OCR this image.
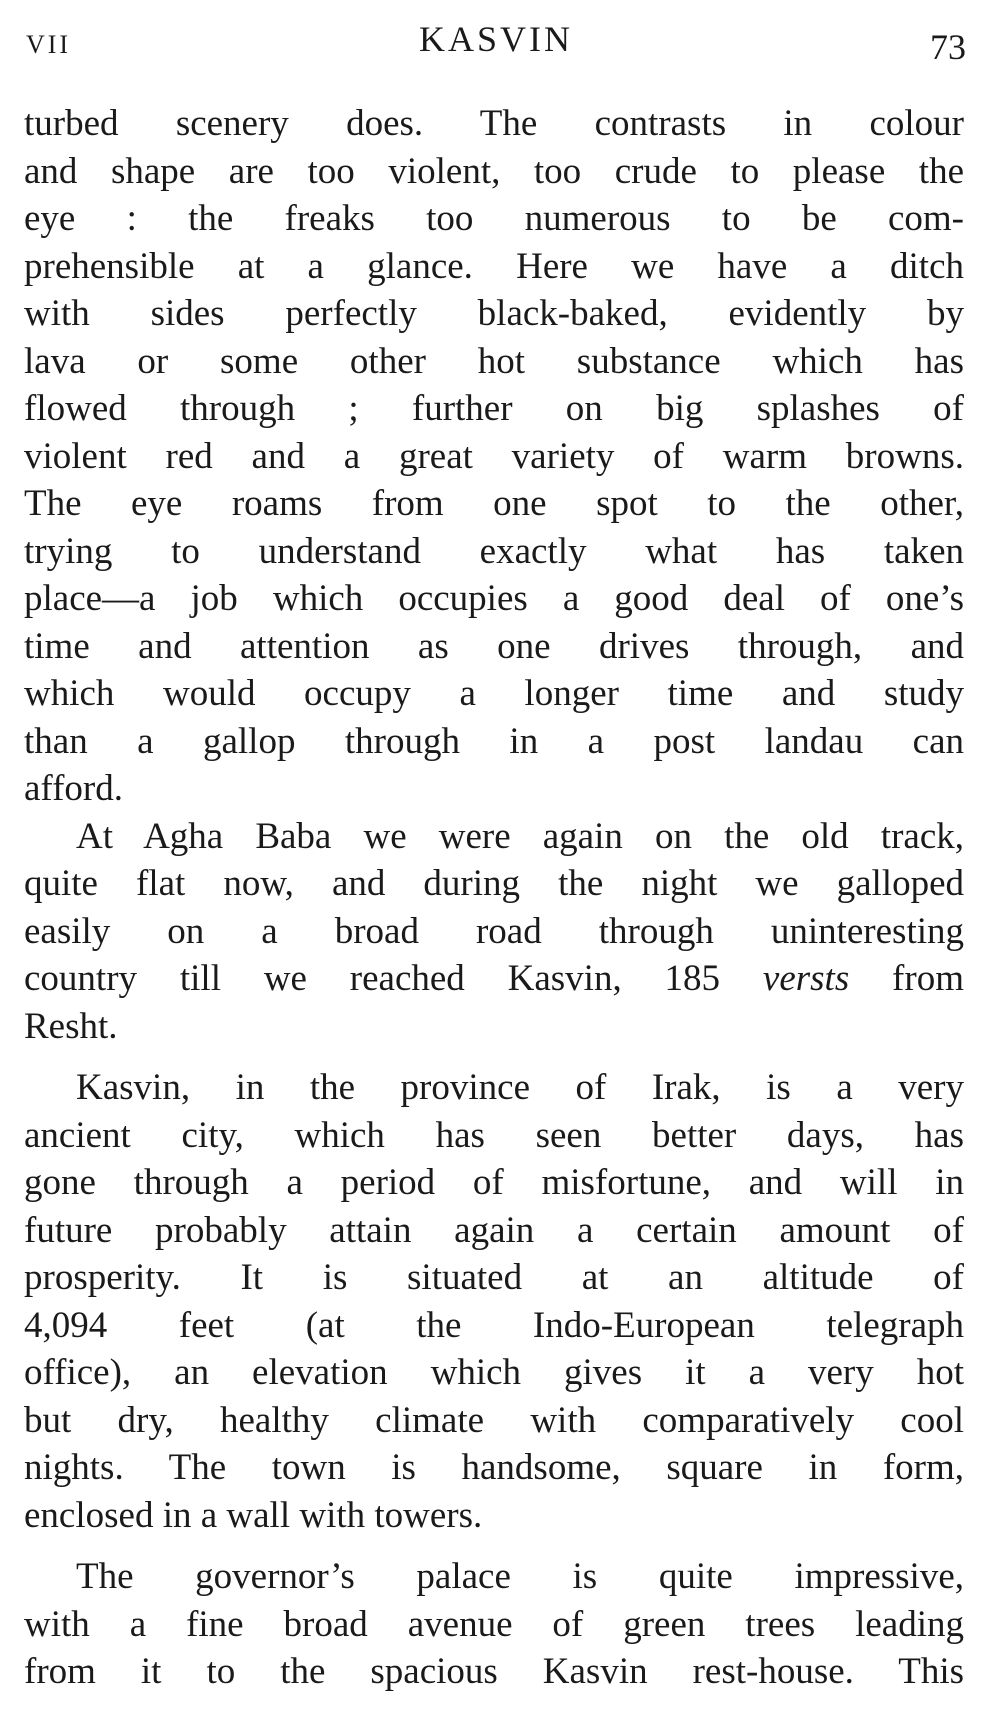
VII	KASVIN	73

turbed scenery does. The contrasts in colour
and shape are too violent, too crude to please the
eye : the freaks too numerous to be com-
prehensible at a glance. Here we have a ditch
with sides perfectly black-baked, evidently by
lava or some other hot substance which has
flowed through ; further on big splashes of
violent red and a great variety of warm browns.
The eye roams from one spot to the other,
trying to understand exactly what has taken
place—a job which occupies a good deal of one’s
time and attention as one drives through, and
which would occupy a longer time and study
than a gallop through in a post landau can
afford.

At Agha Baba we were again on the old track,
quite flat now, and during the night we galloped
easily on a broad road through uninteresting
country till we reached Kasvin, 185 versts from
Resht.

Kasvin, in the province of Irak, is a very
ancient city, which has seen better days, has
gone through a period of misfortune, and will in
future probably attain again a certain amount of
prosperity. It is situated at an altitude of
4,094 feet (at the Indo-European telegraph
office), an elevation which gives it a very hot
but dry, healthy climate with comparatively cool
nights. The town is handsome, square in form,
enclosed in a wall with towers.

The governor’s palace is quite impressive,
with a fine broad avenue of green trees leading
from it to the spacious Kasvin rest-house. This
